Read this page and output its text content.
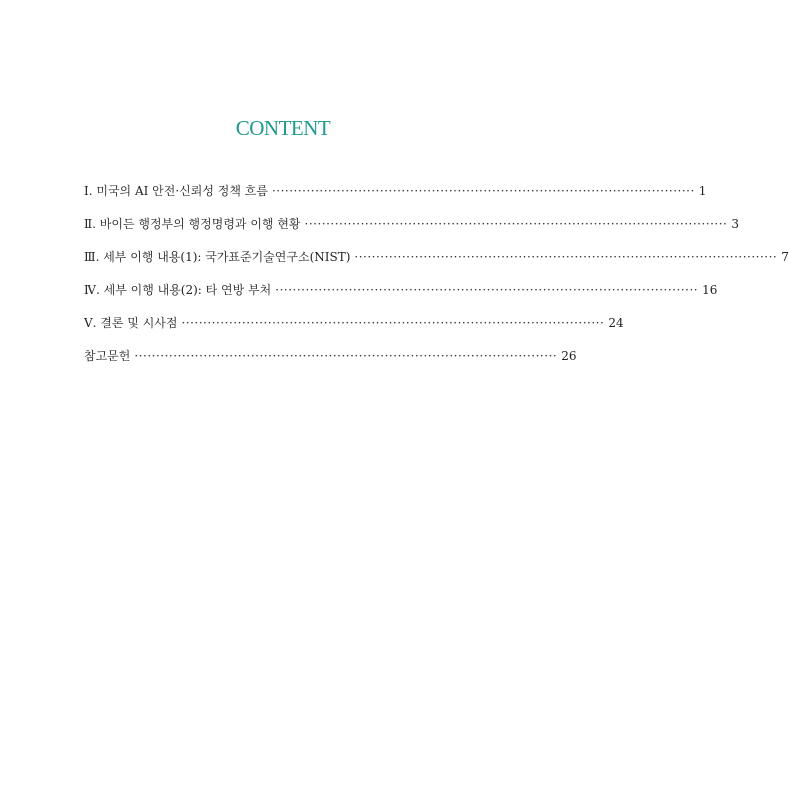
CONTENT
Ⅰ. 미국의 AI 안전·신뢰성 정책 흐름 ·································································································· 1
Ⅱ. 바이든 행정부의 행정명령과 이행 현황 ·································································································· 3
Ⅲ. 세부 이행 내용(1): 국가표준기술연구소(NIST) ·································································································· 7
Ⅳ. 세부 이행 내용(2): 타 연방 부처 ·································································································· 16
Ⅴ. 결론 및 시사점 ·································································································· 24
참고문헌 ·································································································· 26
